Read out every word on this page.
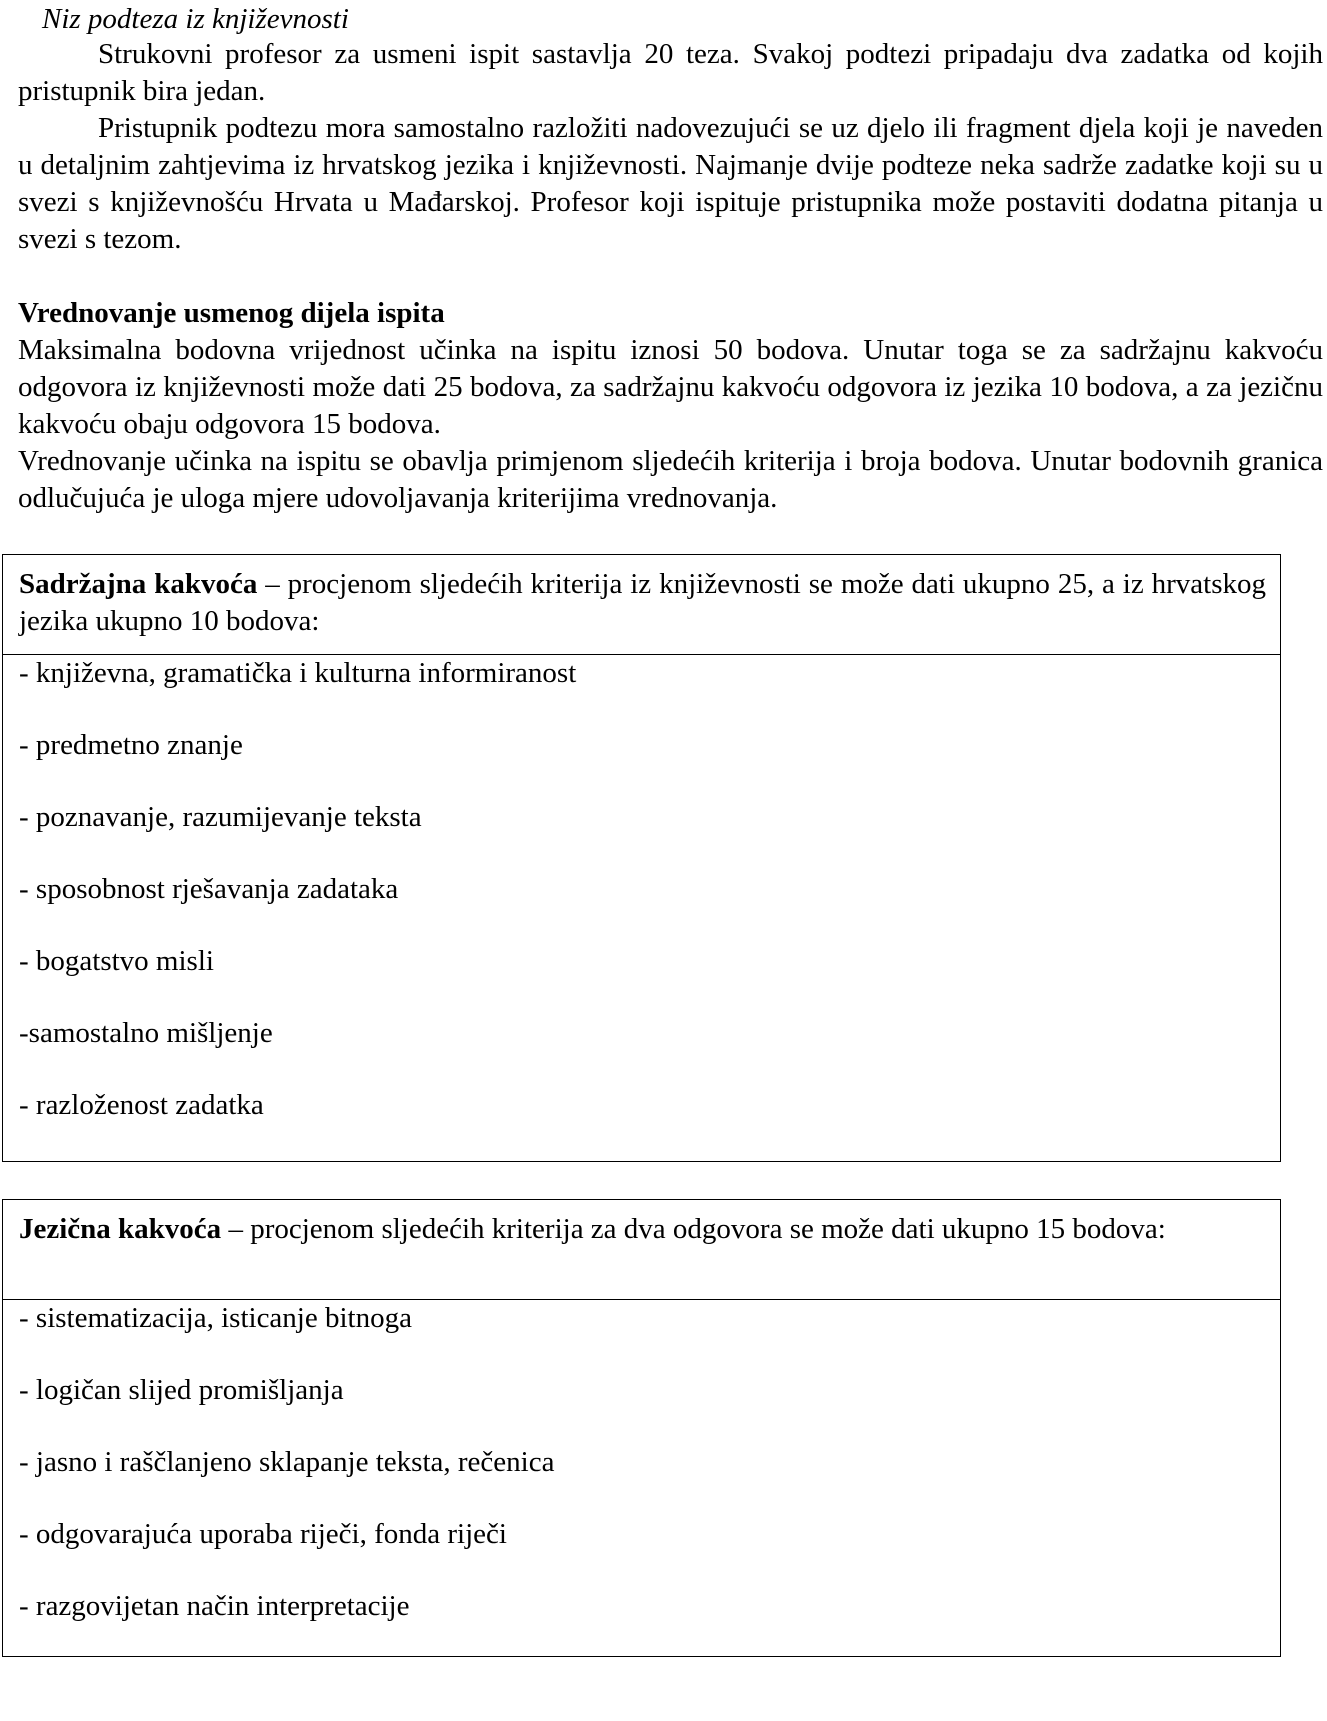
Niz podteza iz književnosti

Strukovni profesor za usmeni ispit sastavlja 20 teza. Svakoj podtezi pripadaju dva zadatka od kojih pristupnik bira jedan.

Pristupnik podtezu mora samostalno razložiti nadovezujući se uz djelo ili fragment djela koji je naveden u detaljnim zahtjevima iz hrvatskog jezika i književnosti. Najmanje dvije podteze neka sadrže zadatke koji su u svezi s književnošću Hrvata u Mađarskoj. Profesor koji ispituje pristupnika može postaviti dodatna pitanja u svezi s tezom.

Vrednovanje usmenog dijela ispita

Maksimalna bodovna vrijednost učinka na ispitu iznosi 50 bodova. Unutar toga se za sadržajnu kakvoću odgovora iz književnosti može dati 25 bodova, za sadržajnu kakvoću odgovora iz jezika 10 bodova, a za jezičnu kakvoću obaju odgovora 15 bodova.

Vrednovanje učinka na ispitu se obavlja primjenom sljedećih kriterija i broja bodova. Unutar bodovnih granica odlučujuća je uloga mjere udovoljavanja kriterijima vrednovanja.

Sadržajna kakvoća – procjenom sljedećih kriterija iz književnosti se može dati ukupno 25, a iz hrvatskog jezika ukupno 10 bodova:

- književna, gramatička i kulturna informiranost

- predmetno znanje

- poznavanje, razumijevanje teksta

- sposobnost rješavanja zadataka

- bogatstvo misli

-samostalno mišljenje

- razloženost zadatka

Jezična kakvoća – procjenom sljedećih kriterija za dva odgovora se može dati ukupno 15 bodova:

- sistematizacija, isticanje bitnoga

- logičan slijed promišljanja

- jasno i raščlanjeno sklapanje teksta, rečenica

- odgovarajuća uporaba riječi, fonda riječi

- razgovijetan način interpretacije
